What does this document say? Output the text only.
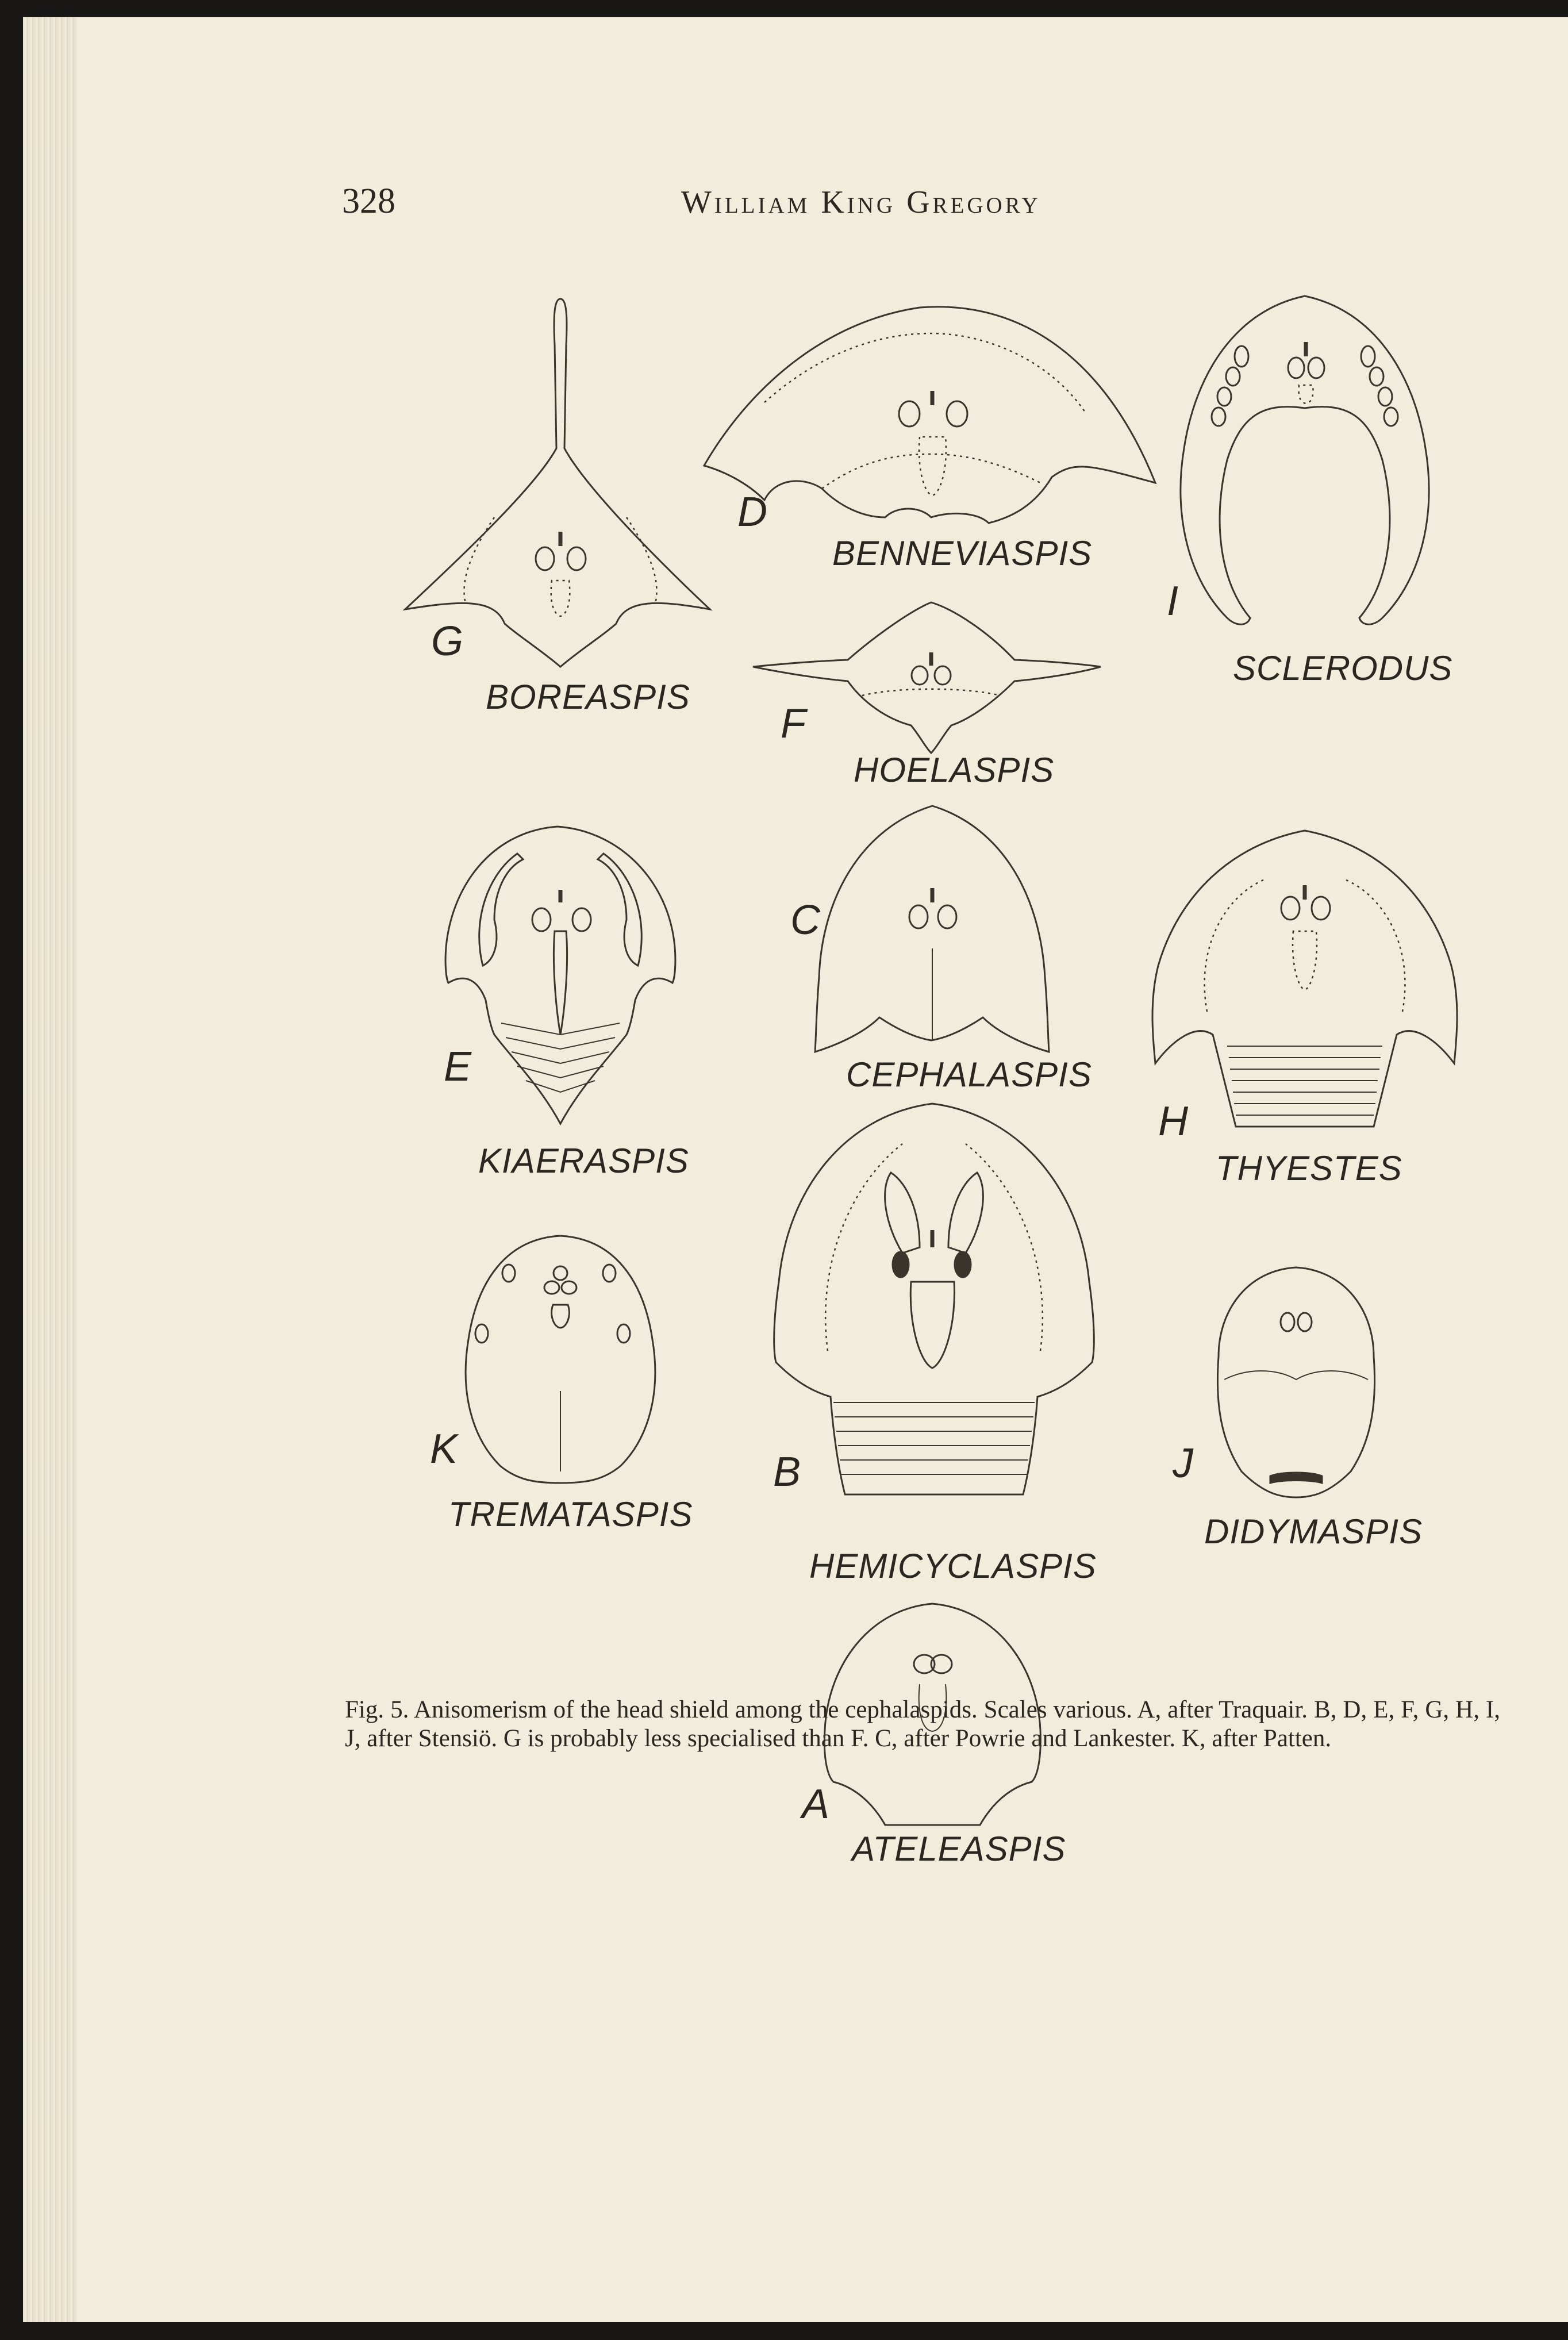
328	William King Gregory
G
BOREASPIS
D
BENNEVIASPIS
I
SCLERODUS
F
HOELASPIS
E
KIAERASPIS
C
CEPHALASPIS
H
THYESTES
K
TREMATASPIS
B
HEMICYCLASPIS
J
DIDYMASPIS
A
ATELEASPIS
Fig. 5. Anisomerism of the head shield among the cephalaspids. Scales various. A, after Traquair. B, D, E, F, G, H, I, J, after Stensiö. G is probably less specialised than F. C, after Powrie and Lankester. K, after Patten.
